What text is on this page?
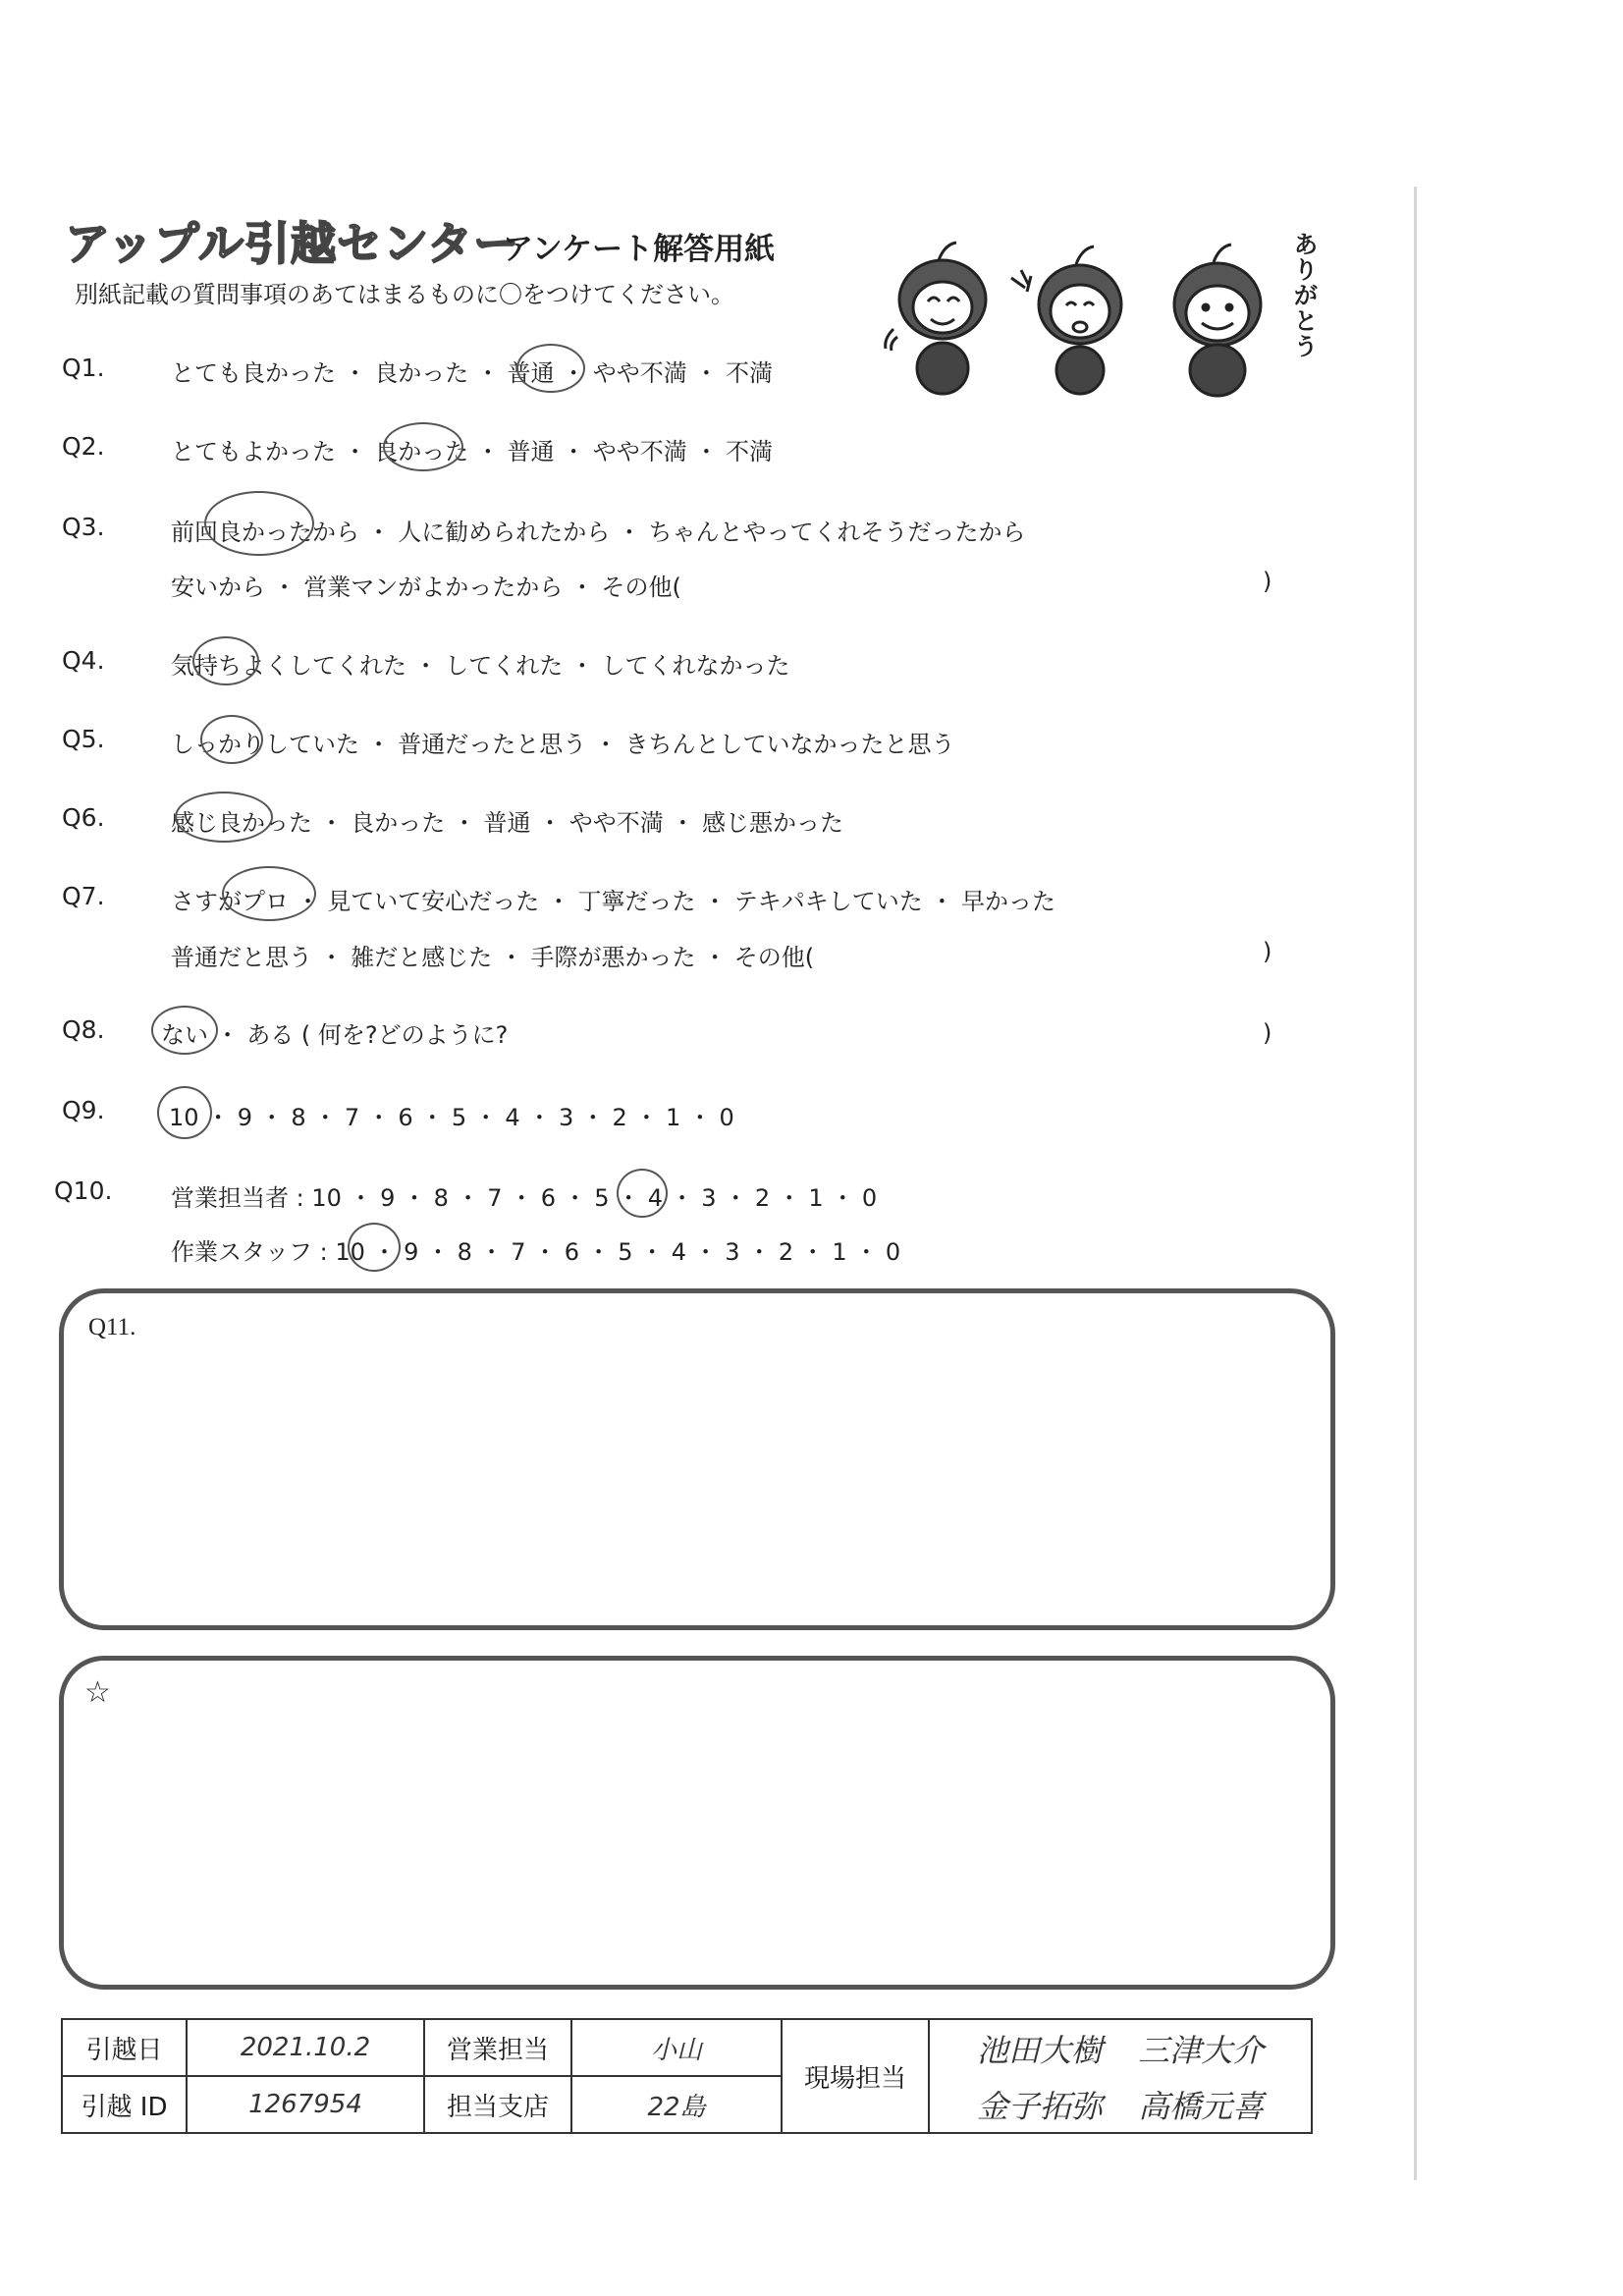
アップル引越センター
アンケート解答用紙
別紙記載の質問事項のあてはまるものに〇をつけてください。
ありがとう
Q1.	とても良かった ・ 良かった ・ 普通 ・ やや不満 ・ 不満
Q2.	とてもよかった ・ 良かった ・ 普通 ・ やや不満 ・ 不満
Q3.	前回良かったから ・ 人に勧められたから ・ ちゃんとやってくれそうだったから
安いから ・ 営業マンがよかったから ・ その他(	)
Q4.	気持ちよくしてくれた ・ してくれた ・ してくれなかった
Q5.	しっかりしていた ・ 普通だったと思う ・ きちんとしていなかったと思う
Q6.	感じ良かった ・ 良かった ・ 普通 ・ やや不満 ・ 感じ悪かった
Q7.	さすがプロ ・ 見ていて安心だった ・ 丁寧だった ・ テキパキしていた ・ 早かった
普通だと思う ・ 雑だと感じた ・ 手際が悪かった ・ その他(	)
Q8. ない ・ ある ( 何を?どのように?	)
Q9.	10 ・ 9 ・ 8 ・ 7 ・ 6 ・ 5 ・ 4 ・ 3 ・ 2 ・ 1 ・ 0
Q10. 営業担当者 : 10 ・ 9 ・ 8 ・ 7 ・ 6 ・ 5 ・ 4 ・ 3 ・ 2 ・ 1 ・ 0
作業スタッフ : 10 ・ 9 ・ 8 ・ 7 ・ 6 ・ 5 ・ 4 ・ 3 ・ 2 ・ 1 ・ 0
Q11.
☆
引越日	2021.10.2	営業担当	小山	現場担当	池田大樹 三津大介
引越 ID	1267954	担当支店	22島		金子拓弥 高橋元喜
